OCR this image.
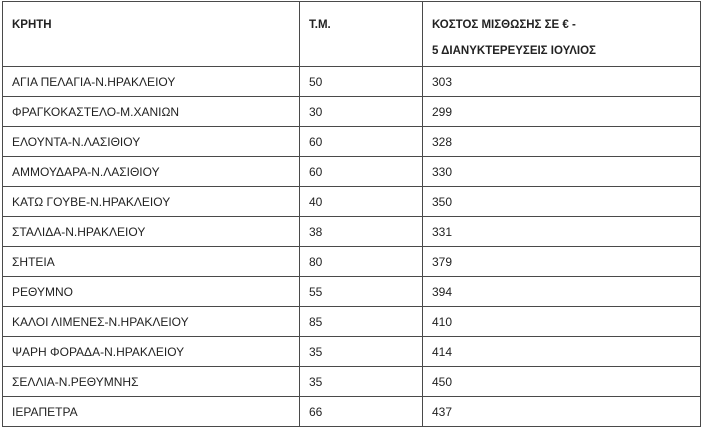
ΚΡΗΤΗ	Τ.Μ.	ΚΟΣΤΟΣ ΜΙΣΘΩΣΗΣ ΣΕ € -
5 ΔΙΑΝΥΚΤΕΡΕΥΣΕΙΣ ΙΟΥΛΙΟΣ

ΑΓΙΑ ΠΕΛΑΓΙΑ-Ν.ΗΡΑΚΛΕΙΟΥ	50	303
ΦΡΑΓΚΟΚΑΣΤΕΛΟ-Μ.ΧΑΝΙΩΝ	30	299
ΕΛΟΥΝΤΑ-Ν.ΛΑΣΙΘΙΟΥ	60	328
ΑΜΜΟΥΔΑΡΑ-Ν.ΛΑΣΙΘΙΟΥ	60	330
ΚΑΤΩ ΓΟΥΒΕ-Ν.ΗΡΑΚΛΕΙΟΥ	40	350
ΣΤΑΛΙΔΑ-Ν.ΗΡΑΚΛΕΙΟΥ	38	331
ΣΗΤΕΙΑ	80	379
ΡΕΘΥΜΝΟ	55	394
ΚΑΛΟΙ ΛΙΜΕΝΕΣ-Ν.ΗΡΑΚΛΕΙΟΥ	85	410
ΨΑΡΗ ΦΟΡΑΔΑ-Ν.ΗΡΑΚΛΕΙΟΥ	35	414
ΣΕΛΛΙΑ-Ν.ΡΕΘΥΜΝΗΣ	35	450
ΙΕΡΑΠΕΤΡΑ	66	437
